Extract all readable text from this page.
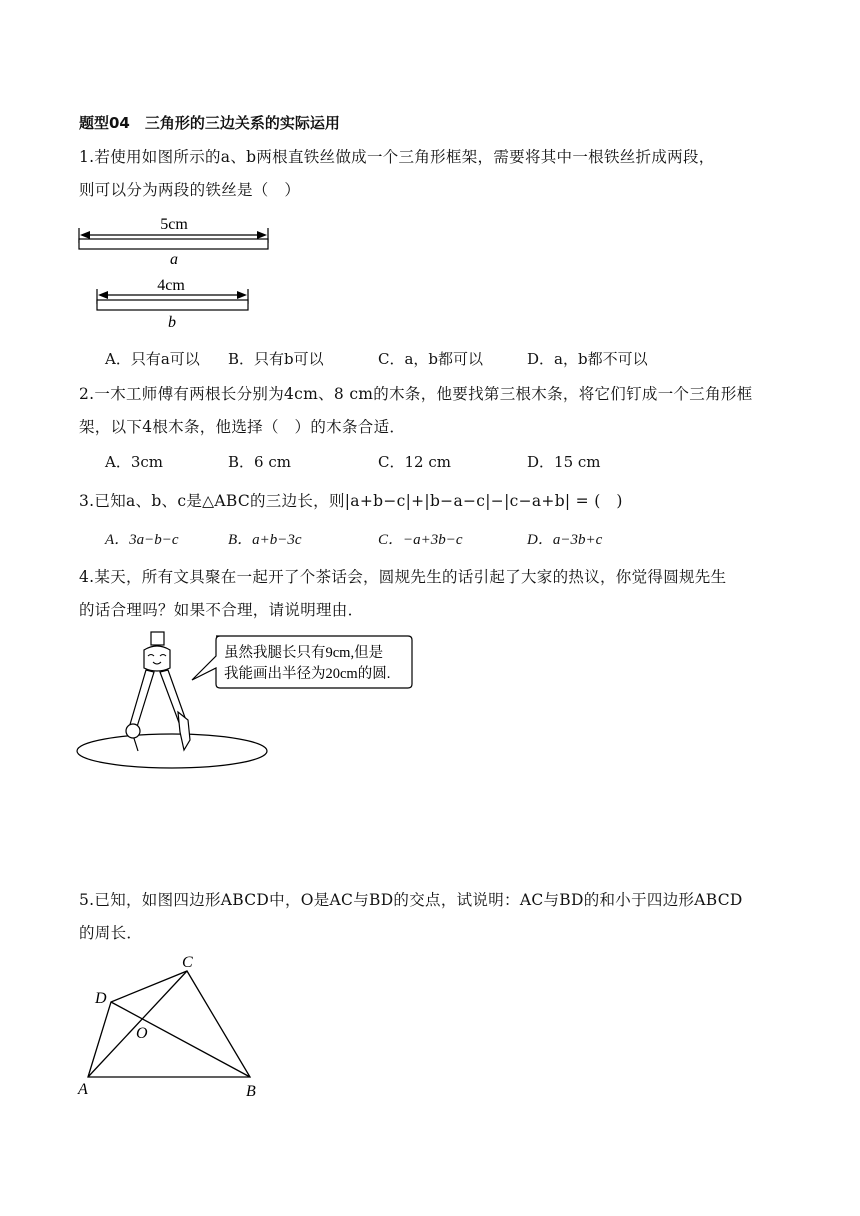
题型04　三角形的三边关系的实际运用
1.若使用如图所示的a、b两根直铁丝做成一个三角形框架，需要将其中一根铁丝折成两段，
则可以分为两段的铁丝是（　）
5cm
a
4cm
b
A．只有a可以 B．只有b可以	C．a，b都可以	D．a，b都不可以
2.一木工师傅有两根长分别为4cm、8 cm的木条，他要找第三根木条，将它们钉成一个三角形框
架，以下4根木条，他选择（　）的木条合适．
A．3cm	B．6 cm	C．12 cm	D．15 cm
3.已知a、b、c是△ABC的三边长，则|a+b−c|+|b−a−c|−|c−a+b| = (　)
A．3a−b−c	B．a+b−3c	C．−a+3b−c	D．a−3b+c
4.某天，所有文具聚在一起开了个茶话会，圆规先生的话引起了大家的热议，你觉得圆规先生
的话合理吗？如果不合理，请说明理由．
虽然我腿长只有9cm,但是
我能画出半径为20cm的圆.
5.已知，如图四边形ABCD中，O是AC与BD的交点，试说明：AC与BD的和小于四边形ABCD
的周长．
A	B
C
D
O
